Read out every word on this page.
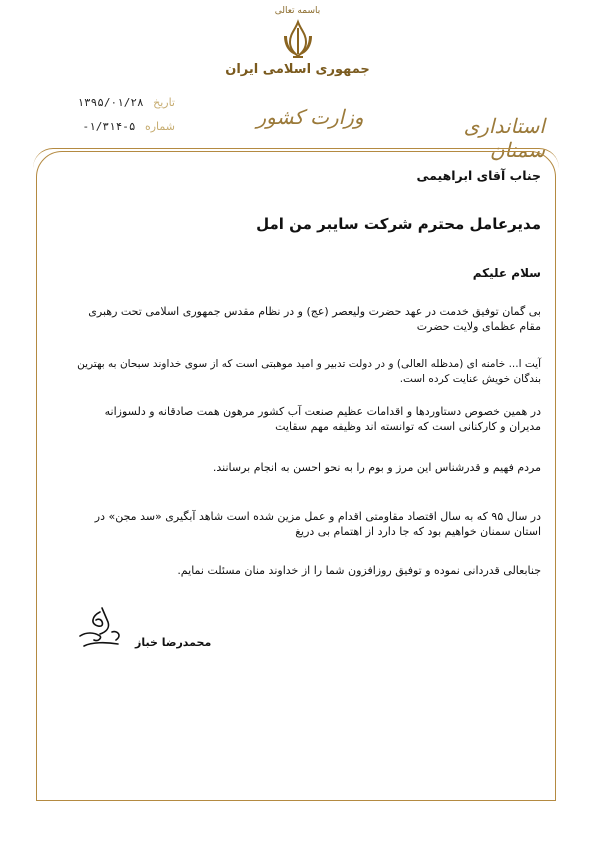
باسمه تعالی
جمهوری اسلامی ایران
استانداری سمنان
وزارت کشور
تاریخ ۱۳۹۵/۰۱/۲۸
شماره ۵-۱/۳۱۴-
جناب آقای ابراهیمی
مدیرعامل محترم شرکت سایبر من امل
سلام علیکم
بی گمان توفیق خدمت در عهد حضرت ولیعصر (عج) و در نظام مقدس جمهوری اسلامی تحت رهبری مقام عظمای ولایت حضرت
آیت ا... خامنه ای (مدظله العالی) و در دولت تدبیر و امید موهبتی است که از سوی خداوند سبحان به بهترین بندگان خویش عنایت کرده است.
در همین خصوص دستاوردها و اقدامات عظیم صنعت آب کشور مرهون همت صادقانه و دلسوزانه مدیران و کارکنانی است که توانسته اند وظیفه مهم سقایت
مردم فهیم و قدرشناس این مرز و بوم را به نحو احسن به انجام برسانند.
در سال ۹۵ که به سال اقتصاد مقاومتی اقدام و عمل مزین شده است شاهد آبگیری «سد مجن» در استان سمنان خواهیم بود که جا دارد از اهتمام بی دریغ
جنابعالی قدردانی نموده و توفیق روزافزون شما را از خداوند منان مسئلت نمایم.
محمدرضا خباز
